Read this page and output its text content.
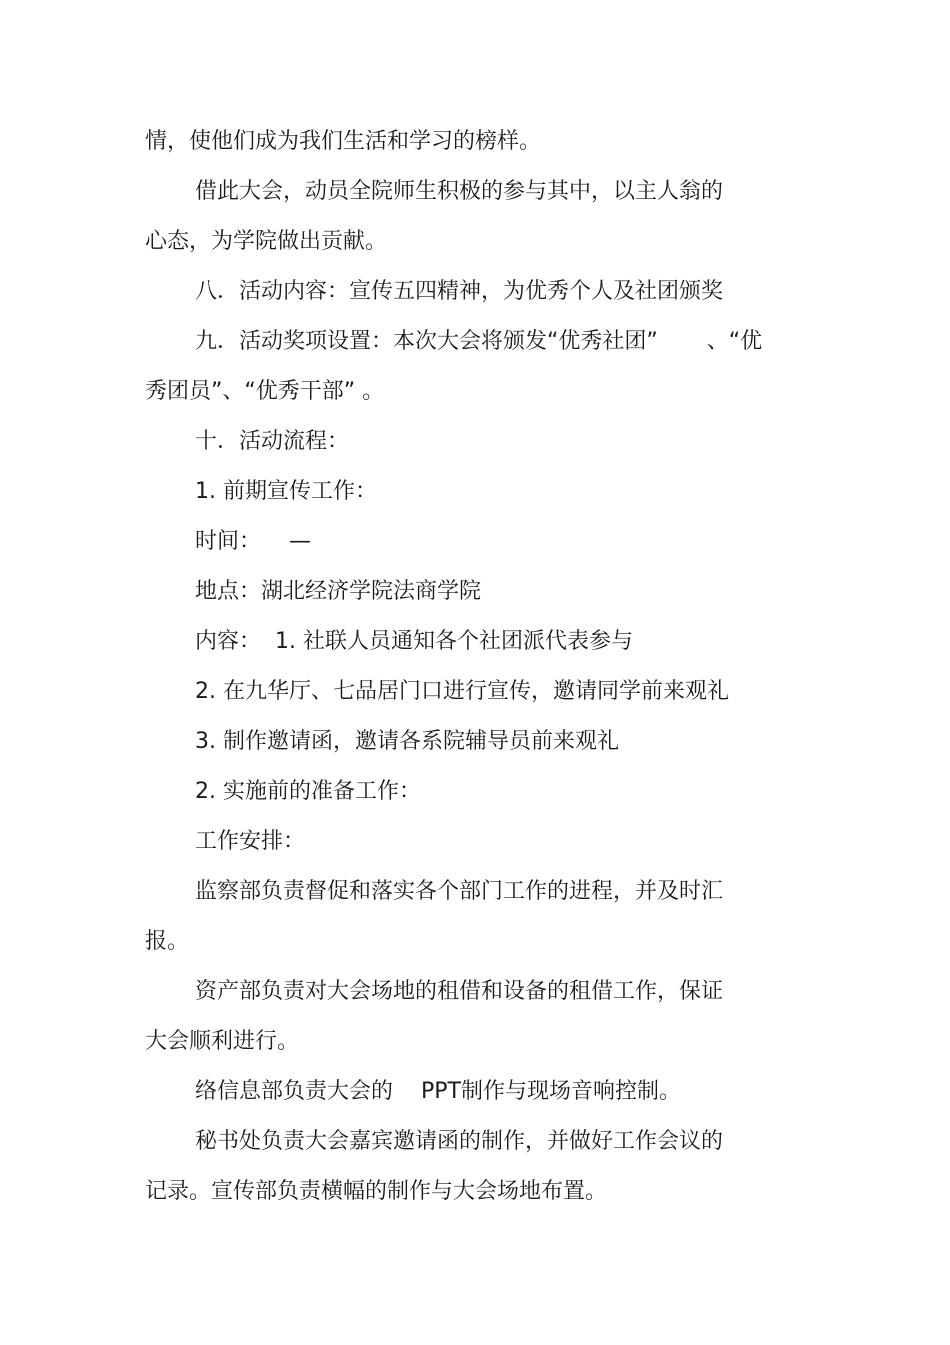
情，使他们成为我们生活和学习的榜样。
借此大会，动员全院师生积极的参与其中，以主人翁的
心态，为学院做出贡献。
八．活动内容：宣传五四精神，为优秀个人及社团颁奖
九．活动奖项设置：本次大会将颁发“优秀社团”       、“优
秀团员”、“优秀干部” 。
十．活动流程：
1. 前期宣传工作：
时间：    —
地点：湖北经济学院法商学院
内容：  1. 社联人员通知各个社团派代表参与
2. 在九华厅、七品居门口进行宣传，邀请同学前来观礼
3. 制作邀请函，邀请各系院辅导员前来观礼
2. 实施前的准备工作：
工作安排：
监察部负责督促和落实各个部门工作的进程，并及时汇
报。
资产部负责对大会场地的租借和设备的租借工作，保证
大会顺利进行。
络信息部负责大会的    PPT制作与现场音响控制。
秘书处负责大会嘉宾邀请函的制作，并做好工作会议的
记录。宣传部负责横幅的制作与大会场地布置。
